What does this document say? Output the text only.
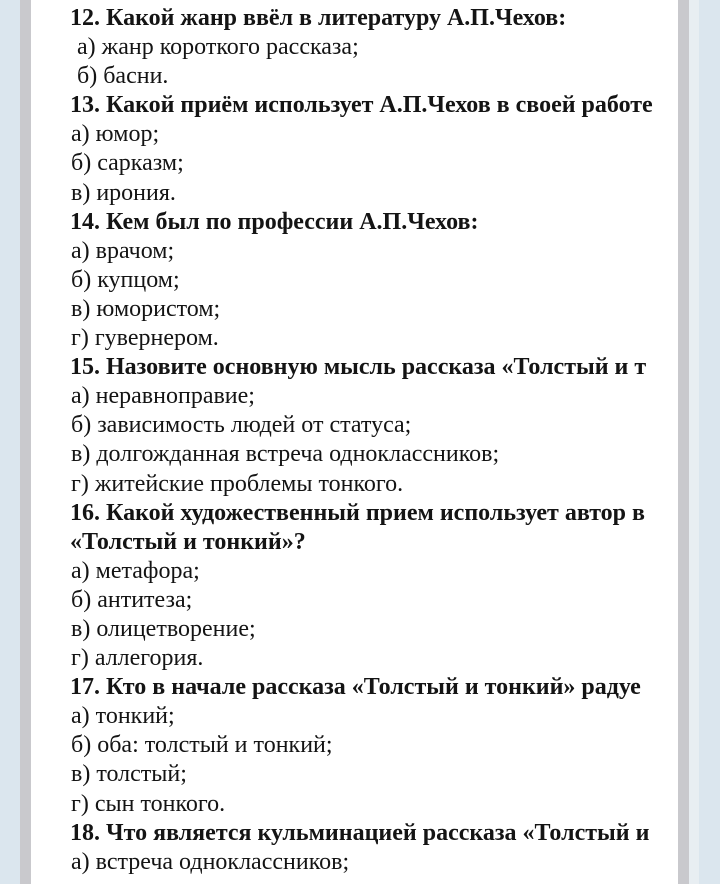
12. Какой жанр ввёл в литературу А.П.Чехов:
а) жанр короткого рассказа;
б) басни.
13. Какой приём использует А.П.Чехов в своей работе
а) юмор;
б) сарказм;
в) ирония.
14. Кем был по профессии А.П.Чехов:
а) врачом;
б) купцом;
в) юмористом;
г) гувернером.
15. Назовите основную мысль рассказа «Толстый и т
а) неравноправие;
б) зависимость людей от статуса;
в) долгожданная встреча одноклассников;
г) житейские проблемы тонкого.
16. Какой художественный прием использует автор в
«Толстый и тонкий»?
а) метафора;
б) антитеза;
в) олицетворение;
г) аллегория.
17. Кто в начале рассказа «Толстый и тонкий» радуе
а) тонкий;
б) оба: толстый и тонкий;
в) толстый;
г) сын тонкого.
18. Что является кульминацией рассказа «Толстый и
а) встреча одноклассников;
